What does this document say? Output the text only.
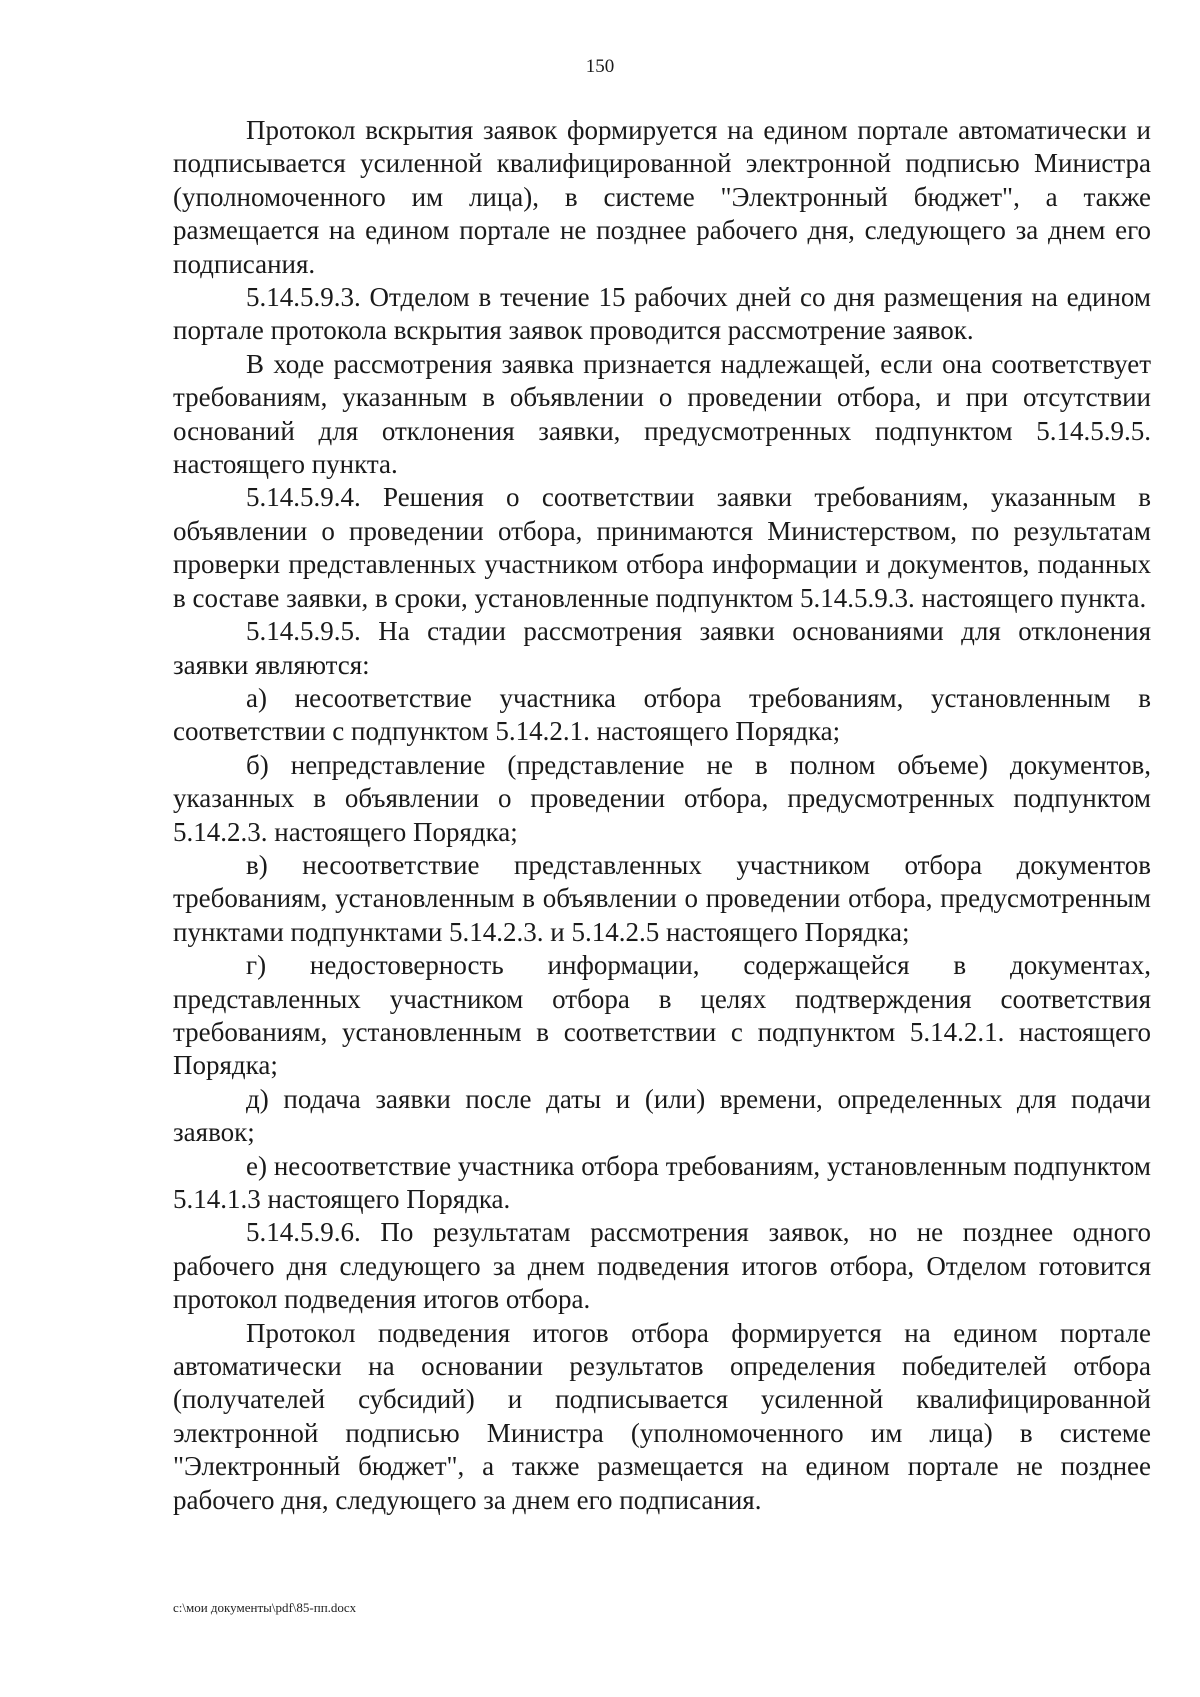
150

Протокол вскрытия заявок формируется на едином портале автоматически и подписывается усиленной квалифицированной электронной подписью Министра (уполномоченного им лица), в системе "Электронный бюджет", а также размещается на едином портале не позднее рабочего дня, следующего за днем его подписания.

5.14.5.9.3. Отделом в течение 15 рабочих дней со дня размещения на едином портале протокола вскрытия заявок проводится рассмотрение заявок.

В ходе рассмотрения заявка признается надлежащей, если она соответствует требованиям, указанным в объявлении о проведении отбора, и при отсутствии оснований для отклонения заявки, предусмотренных подпунктом 5.14.5.9.5. настоящего пункта.

5.14.5.9.4. Решения о соответствии заявки требованиям, указанным в объявлении о проведении отбора, принимаются Министерством, по результатам проверки представленных участником отбора информации и документов, поданных в составе заявки, в сроки, установленные подпунктом 5.14.5.9.3. настоящего пункта.

5.14.5.9.5. На стадии рассмотрения заявки основаниями для отклонения заявки являются:

а) несоответствие участника отбора требованиям, установленным в соответствии с подпунктом 5.14.2.1. настоящего Порядка;

б) непредставление (представление не в полном объеме) документов, указанных в объявлении о проведении отбора, предусмотренных подпунктом 5.14.2.3. настоящего Порядка;

в) несоответствие представленных участником отбора документов требованиям, установленным в объявлении о проведении отбора, предусмотренным пунктами подпунктами 5.14.2.3. и 5.14.2.5 настоящего Порядка;

г) недостоверность информации, содержащейся в документах, представленных участником отбора в целях подтверждения соответствия требованиям, установленным в соответствии с подпунктом 5.14.2.1. настоящего Порядка;

д) подача заявки после даты и (или) времени, определенных для подачи заявок;

е) несоответствие участника отбора требованиям, установленным подпунктом 5.14.1.3 настоящего Порядка.

5.14.5.9.6. По результатам рассмотрения заявок, но не позднее одного рабочего дня следующего за днем подведения итогов отбора, Отделом готовится протокол подведения итогов отбора.

Протокол подведения итогов отбора формируется на едином портале автоматически на основании результатов определения победителей отбора (получателей субсидий) и подписывается усиленной квалифицированной электронной подписью Министра (уполномоченного им лица) в системе "Электронный бюджет", а также размещается на едином портале не позднее рабочего дня, следующего за днем его подписания.

c:\мои документы\pdf\85-пп.docx
